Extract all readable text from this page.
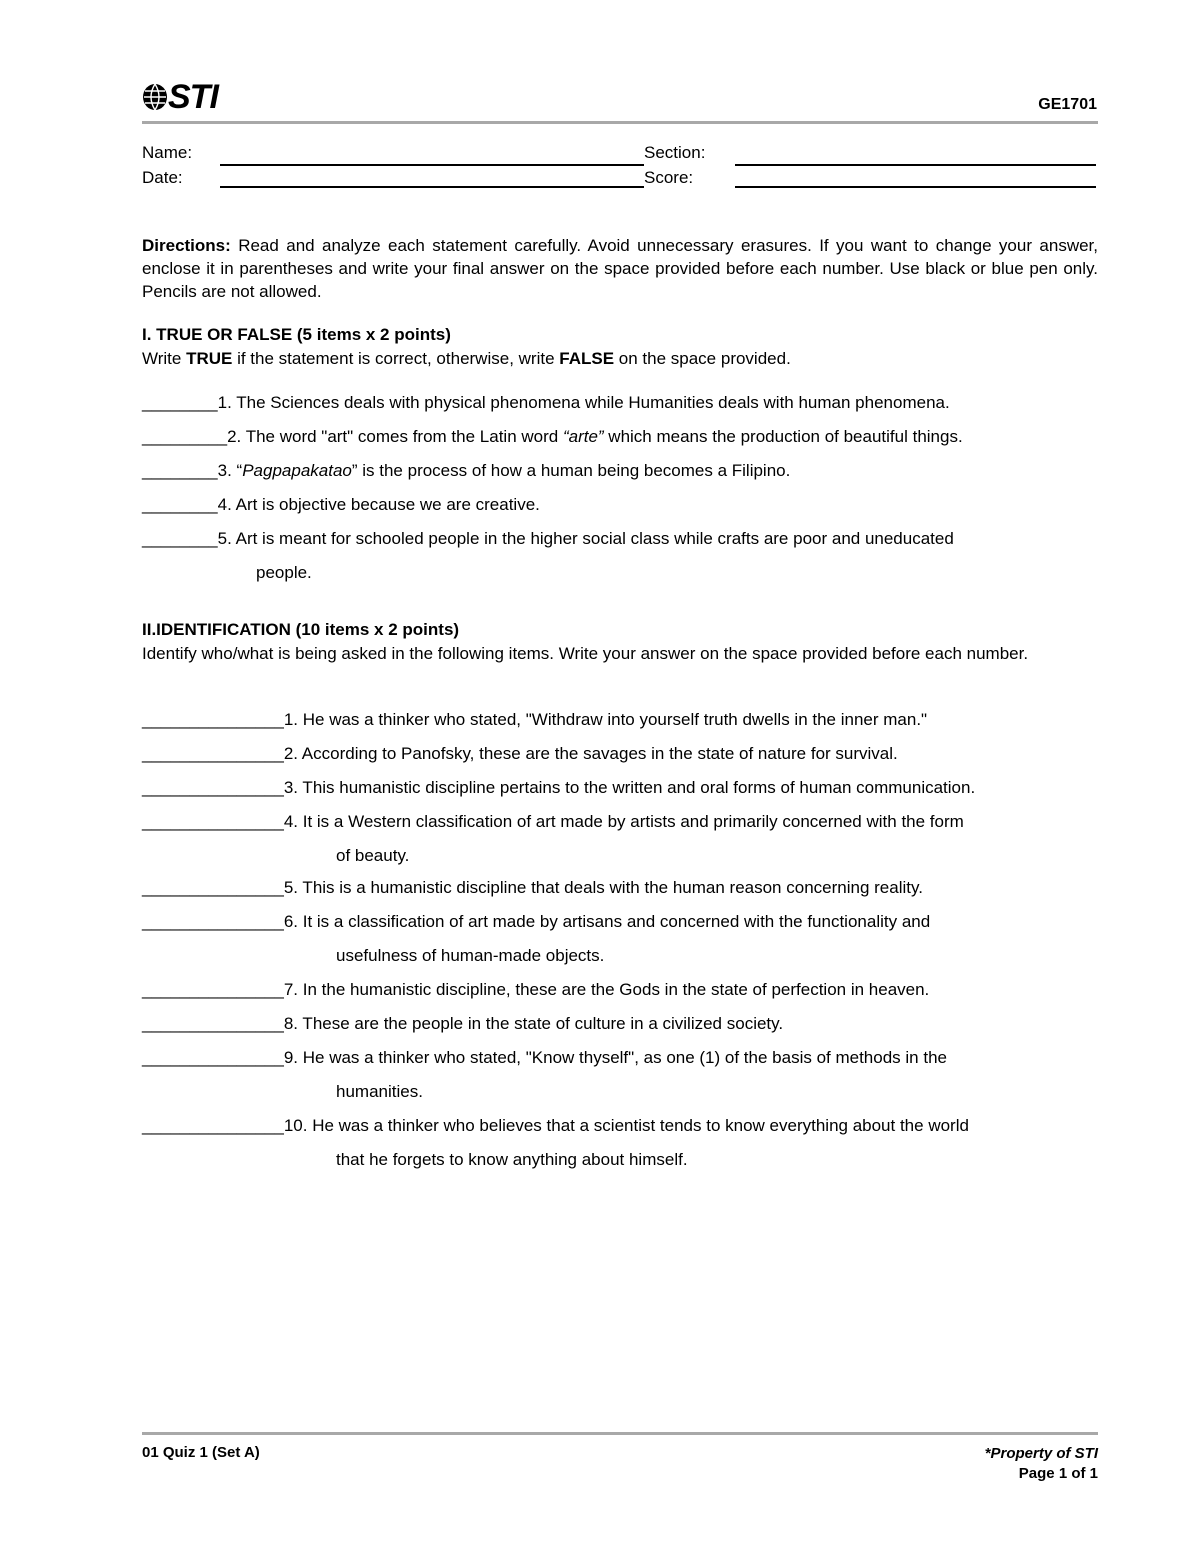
STI	GE1701
Name:	Section:
Date:	Score:
Directions: Read and analyze each statement carefully. Avoid unnecessary erasures. If you want to change your answer, enclose it in parentheses and write your final answer on the space provided before each number. Use black or blue pen only. Pencils are not allowed.
I. TRUE OR FALSE (5 items x 2 points)
Write TRUE if the statement is correct, otherwise, write FALSE on the space provided.
________1. The Sciences deals with physical phenomena while Humanities deals with human phenomena.
_________2. The word "art" comes from the Latin word “arte” which means the production of beautiful things.
________3. “Pagpapakatao” is the process of how a human being becomes a Filipino.
________4. Art is objective because we are creative.
________5. Art is meant for schooled people in the higher social class while crafts are poor and uneducated
people.
II.IDENTIFICATION (10 items x 2 points)
Identify who/what is being asked in the following items. Write your answer on the space provided before each number.
_______________1. He was a thinker who stated, "Withdraw into yourself truth dwells in the inner man."
_______________2. According to Panofsky, these are the savages in the state of nature for survival.
_______________3. This humanistic discipline pertains to the written and oral forms of human communication.
_______________4. It is a Western classification of art made by artists and primarily concerned with the form
of beauty.
_______________5. This is a humanistic discipline that deals with the human reason concerning reality.
_______________6. It is a classification of art made by artisans and concerned with the functionality and
usefulness of human-made objects.
_______________7. In the humanistic discipline, these are the Gods in the state of perfection in heaven.
_______________8. These are the people in the state of culture in a civilized society.
_______________9. He was a thinker who stated, "Know thyself", as one (1) of the basis of methods in the
humanities.
_______________10. He was a thinker who believes that a scientist tends to know everything about the world
that he forgets to know anything about himself.
01 Quiz 1 (Set A)	*Property of STI
Page 1 of 1
